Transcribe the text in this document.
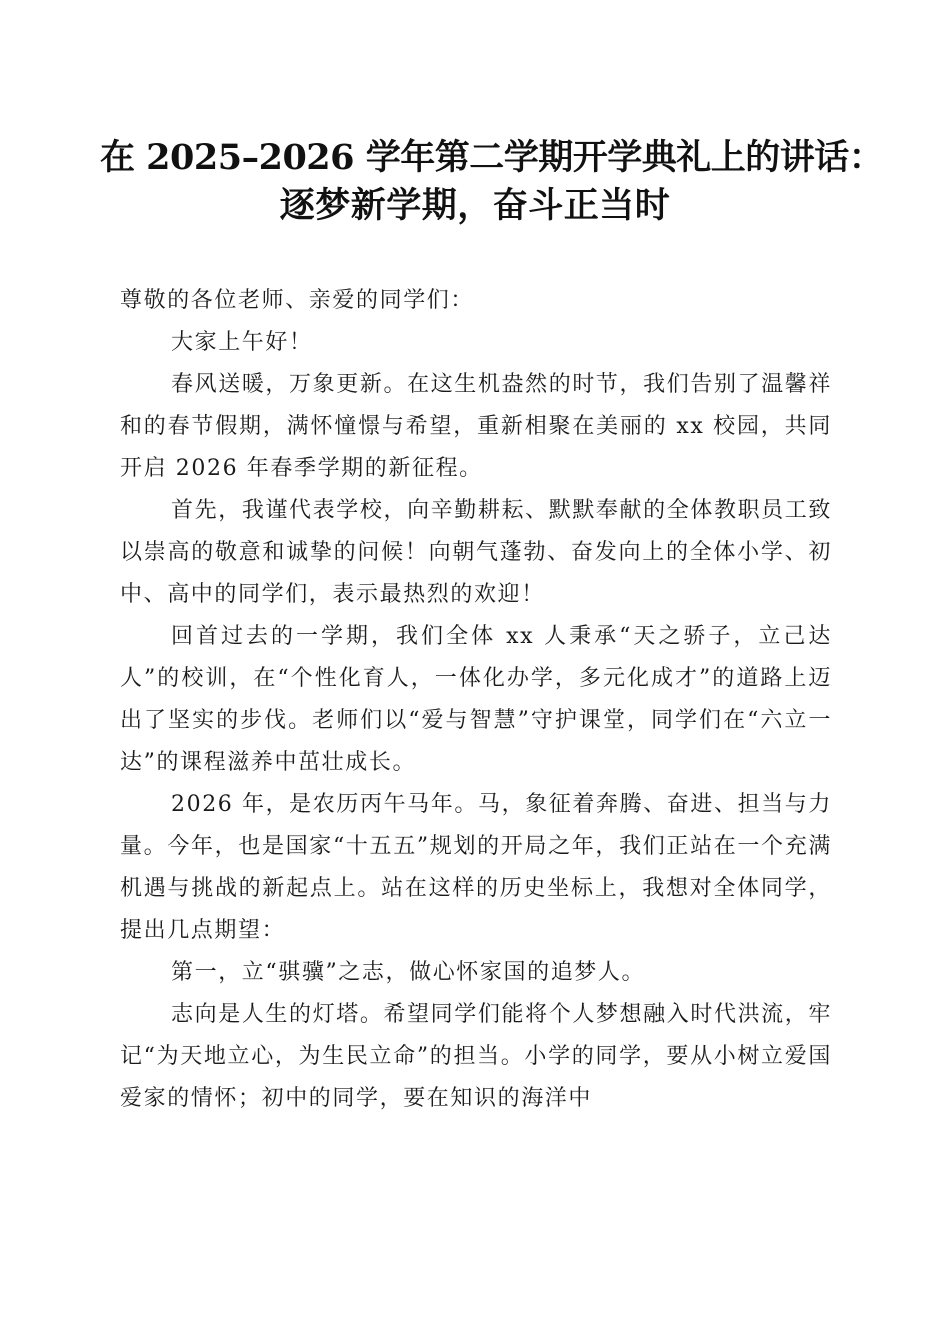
在 2025–2026 学年第二学期开学典礼上的讲话：
逐梦新学期，奋斗正当时

尊敬的各位老师、亲爱的同学们：

大家上午好！

春风送暖，万象更新。在这生机盎然的时节，我们告别了温馨祥和的春节假期，满怀憧憬与希望，重新相聚在美丽的 xx 校园，共同开启 2026 年春季学期的新征程。

首先，我谨代表学校，向辛勤耕耘、默默奉献的全体教职员工致以崇高的敬意和诚挚的问候！向朝气蓬勃、奋发向上的全体小学、初中、高中的同学们，表示最热烈的欢迎！

回首过去的一学期，我们全体 xx 人秉承“天之骄子，立己达人”的校训，在“个性化育人，一体化办学，多元化成才”的道路上迈出了坚实的步伐。老师们以“爱与智慧”守护课堂，同学们在“六立一达”的课程滋养中茁壮成长。

2026 年，是农历丙午马年。马，象征着奔腾、奋进、担当与力量。今年，也是国家“十五五”规划的开局之年，我们正站在一个充满机遇与挑战的新起点上。站在这样的历史坐标上，我想对全体同学，提出几点期望：

第一，立“骐骥”之志，做心怀家国的追梦人。

志向是人生的灯塔。希望同学们能将个人梦想融入时代洪流，牢记“为天地立心，为生民立命”的担当。小学的同学，要从小树立爱国爱家的情怀；初中的同学，要在知识的海洋中
